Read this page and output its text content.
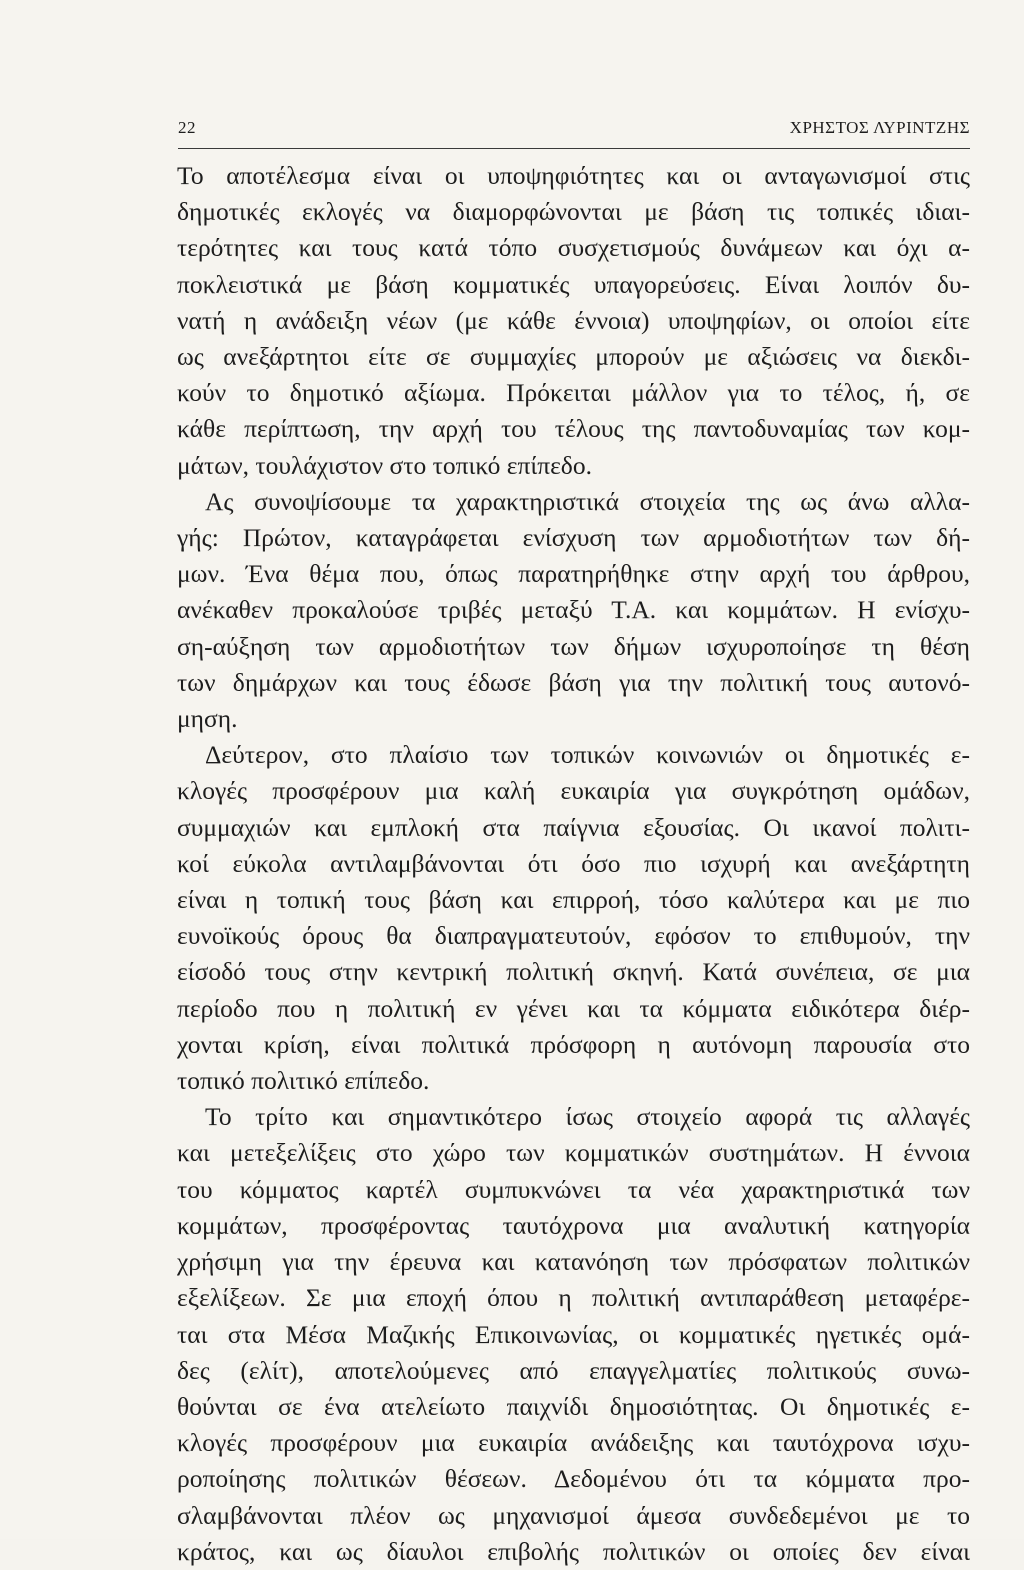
22	ΧΡΗΣΤΟΣ ΛΥΡΙΝΤΖΗΣ
Το αποτέλεσμα είναι οι υποψηφιότητες και οι ανταγωνισμοί στις
δημοτικές εκλογές να διαμορφώνονται με βάση τις τοπικές ιδιαι-
τερότητες και τους κατά τόπο συσχετισμούς δυνάμεων και όχι α-
ποκλειστικά με βάση κομματικές υπαγορεύσεις. Είναι λοιπόν δυ-
νατή η ανάδειξη νέων (με κάθε έννοια) υποψηφίων, οι οποίοι είτε
ως ανεξάρτητοι είτε σε συμμαχίες μπορούν με αξιώσεις να διεκδι-
κούν το δημοτικό αξίωμα. Πρόκειται μάλλον για το τέλος, ή, σε
κάθε περίπτωση, την αρχή του τέλους της παντοδυναμίας των κομ-
μάτων, τουλάχιστον στο τοπικό επίπεδο.
Ας συνοψίσουμε τα χαρακτηριστικά στοιχεία της ως άνω αλλα-
γής: Πρώτον, καταγράφεται ενίσχυση των αρμοδιοτήτων των δή-
μων. Ένα θέμα που, όπως παρατηρήθηκε στην αρχή του άρθρου,
ανέκαθεν προκαλούσε τριβές μεταξύ Τ.Α. και κομμάτων. Η ενίσχυ-
ση-αύξηση των αρμοδιοτήτων των δήμων ισχυροποίησε τη θέση
των δημάρχων και τους έδωσε βάση για την πολιτική τους αυτονό-
μηση.
Δεύτερον, στο πλαίσιο των τοπικών κοινωνιών οι δημοτικές ε-
κλογές προσφέρουν μια καλή ευκαιρία για συγκρότηση ομάδων,
συμμαχιών και εμπλοκή στα παίγνια εξουσίας. Οι ικανοί πολιτι-
κοί εύκολα αντιλαμβάνονται ότι όσο πιο ισχυρή και ανεξάρτητη
είναι η τοπική τους βάση και επιρροή, τόσο καλύτερα και με πιο
ευνοϊκούς όρους θα διαπραγματευτούν, εφόσον το επιθυμούν, την
είσοδό τους στην κεντρική πολιτική σκηνή. Κατά συνέπεια, σε μια
περίοδο που η πολιτική εν γένει και τα κόμματα ειδικότερα διέρ-
χονται κρίση, είναι πολιτικά πρόσφορη η αυτόνομη παρουσία στο
τοπικό πολιτικό επίπεδο.
Το τρίτο και σημαντικότερο ίσως στοιχείο αφορά τις αλλαγές
και μετεξελίξεις στο χώρο των κομματικών συστημάτων. Η έννοια
του κόμματος καρτέλ συμπυκνώνει τα νέα χαρακτηριστικά των
κομμάτων, προσφέροντας ταυτόχρονα μια αναλυτική κατηγορία
χρήσιμη για την έρευνα και κατανόηση των πρόσφατων πολιτικών
εξελίξεων. Σε μια εποχή όπου η πολιτική αντιπαράθεση μεταφέρε-
ται στα Μέσα Μαζικής Επικοινωνίας, οι κομματικές ηγετικές ομά-
δες (ελίτ), αποτελούμενες από επαγγελματίες πολιτικούς συνω-
θούνται σε ένα ατελείωτο παιχνίδι δημοσιότητας. Οι δημοτικές ε-
κλογές προσφέρουν μια ευκαιρία ανάδειξης και ταυτόχρονα ισχυ-
ροποίησης πολιτικών θέσεων. Δεδομένου ότι τα κόμματα προ-
σλαμβάνονται πλέον ως μηχανισμοί άμεσα συνδεδεμένοι με το
κράτος, και ως δίαυλοι επιβολής πολιτικών οι οποίες δεν είναι
